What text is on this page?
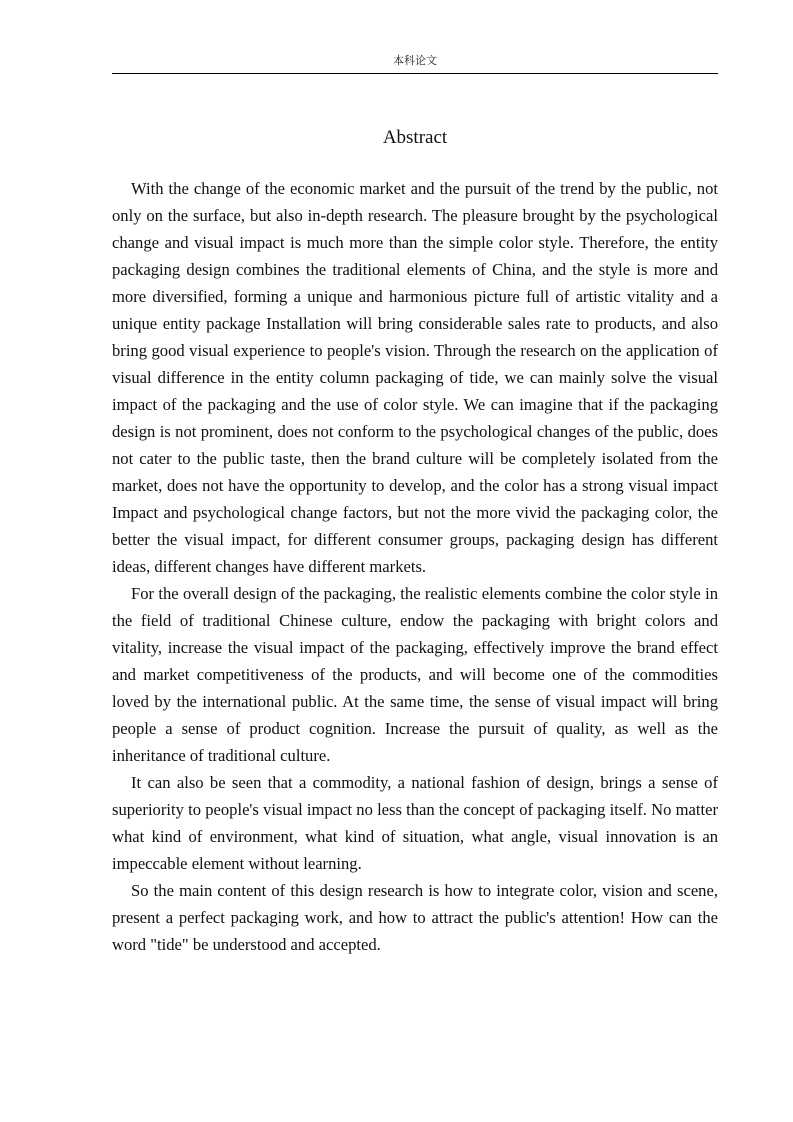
本科论文
Abstract

With the change of the economic market and the pursuit of the trend by the public, not only on the surface, but also in-depth research. The pleasure brought by the psychological change and visual impact is much more than the simple color style. Therefore, the entity packaging design combines the traditional elements of China, and the style is more and more diversified, forming a unique and harmonious picture full of artistic vitality and a unique entity package Installation will bring considerable sales rate to products, and also bring good visual experience to people's vision. Through the research on the application of visual difference in the entity column packaging of tide, we can mainly solve the visual impact of the packaging and the use of color style. We can imagine that if the packaging design is not prominent, does not conform to the psychological changes of the public, does not cater to the public taste, then the brand culture will be completely isolated from the market, does not have the opportunity to develop, and the color has a strong visual impact Impact and psychological change factors, but not the more vivid the packaging color, the better the visual impact, for different consumer groups, packaging design has different ideas, different changes have different markets.

For the overall design of the packaging, the realistic elements combine the color style in the field of traditional Chinese culture, endow the packaging with bright colors and vitality, increase the visual impact of the packaging, effectively improve the brand effect and market competitiveness of the products, and will become one of the commodities loved by the international public. At the same time, the sense of visual impact will bring people a sense of product cognition. Increase the pursuit of quality, as well as the inheritance of traditional culture.

It can also be seen that a commodity, a national fashion of design, brings a sense of superiority to people's visual impact no less than the concept of packaging itself. No matter what kind of environment, what kind of situation, what angle, visual innovation is an impeccable element without learning.

So the main content of this design research is how to integrate color, vision and scene, present a perfect packaging work, and how to attract the public's attention! How can the word "tide" be understood and accepted.
